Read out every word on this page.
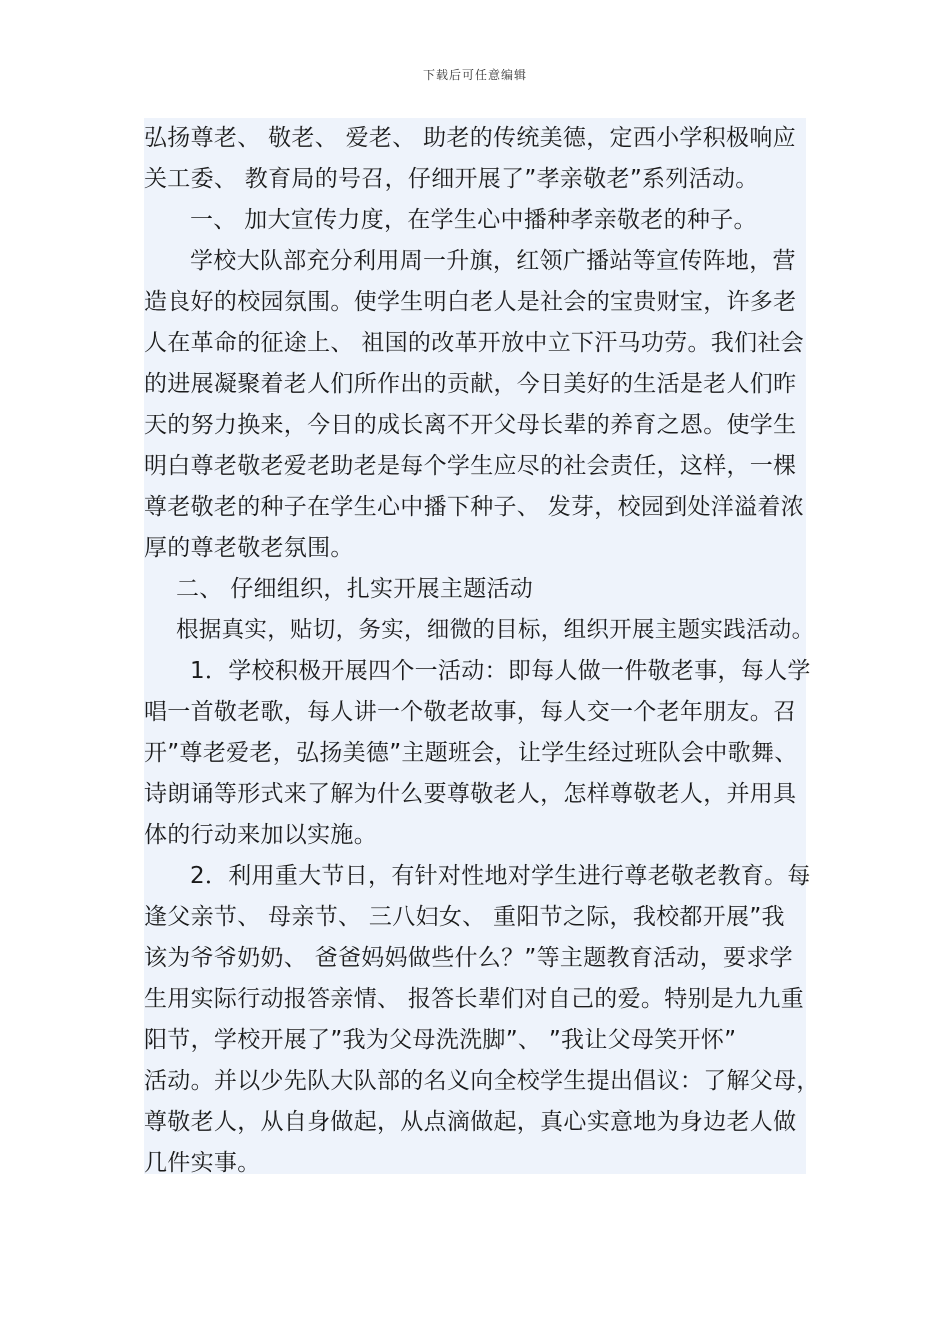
下载后可任意编辑
弘扬尊老、 敬老、 爱老、 助老的传统美德，定西小学积极响应
关工委、 教育局的号召，仔细开展了”孝亲敬老”系列活动。
一、 加大宣传力度，在学生心中播种孝亲敬老的种子。
学校大队部充分利用周一升旗，红领广播站等宣传阵地，营
造良好的校园氛围。使学生明白老人是社会的宝贵财宝，许多老
人在革命的征途上、 祖国的改革开放中立下汗马功劳。我们社会
的进展凝聚着老人们所作出的贡献，今日美好的生活是老人们昨
天的努力换来，今日的成长离不开父母长辈的养育之恩。使学生
明白尊老敬老爱老助老是每个学生应尽的社会责任，这样，一棵
尊老敬老的种子在学生心中播下种子、 发芽，校园到处洋溢着浓
厚的尊老敬老氛围。
二、 仔细组织，扎实开展主题活动
根据真实，贴切，务实，细微的目标，组织开展主题实践活动。
1．学校积极开展四个一活动：即每人做一件敬老事，每人学
唱一首敬老歌，每人讲一个敬老故事，每人交一个老年朋友。召
开”尊老爱老，弘扬美德”主题班会，让学生经过班队会中歌舞、
诗朗诵等形式来了解为什么要尊敬老人，怎样尊敬老人，并用具
体的行动来加以实施。
2．利用重大节日，有针对性地对学生进行尊老敬老教育。每
逢父亲节、 母亲节、 三八妇女、 重阳节之际，我校都开展”我
该为爷爷奶奶、 爸爸妈妈做些什么？”等主题教育活动，要求学
生用实际行动报答亲情、 报答长辈们对自己的爱。特别是九九重
阳节，学校开展了”我为父母洗洗脚”、 ”我让父母笑开怀”
活动。并以少先队大队部的名义向全校学生提出倡议：了解父母，
尊敬老人，从自身做起，从点滴做起，真心实意地为身边老人做
几件实事。
